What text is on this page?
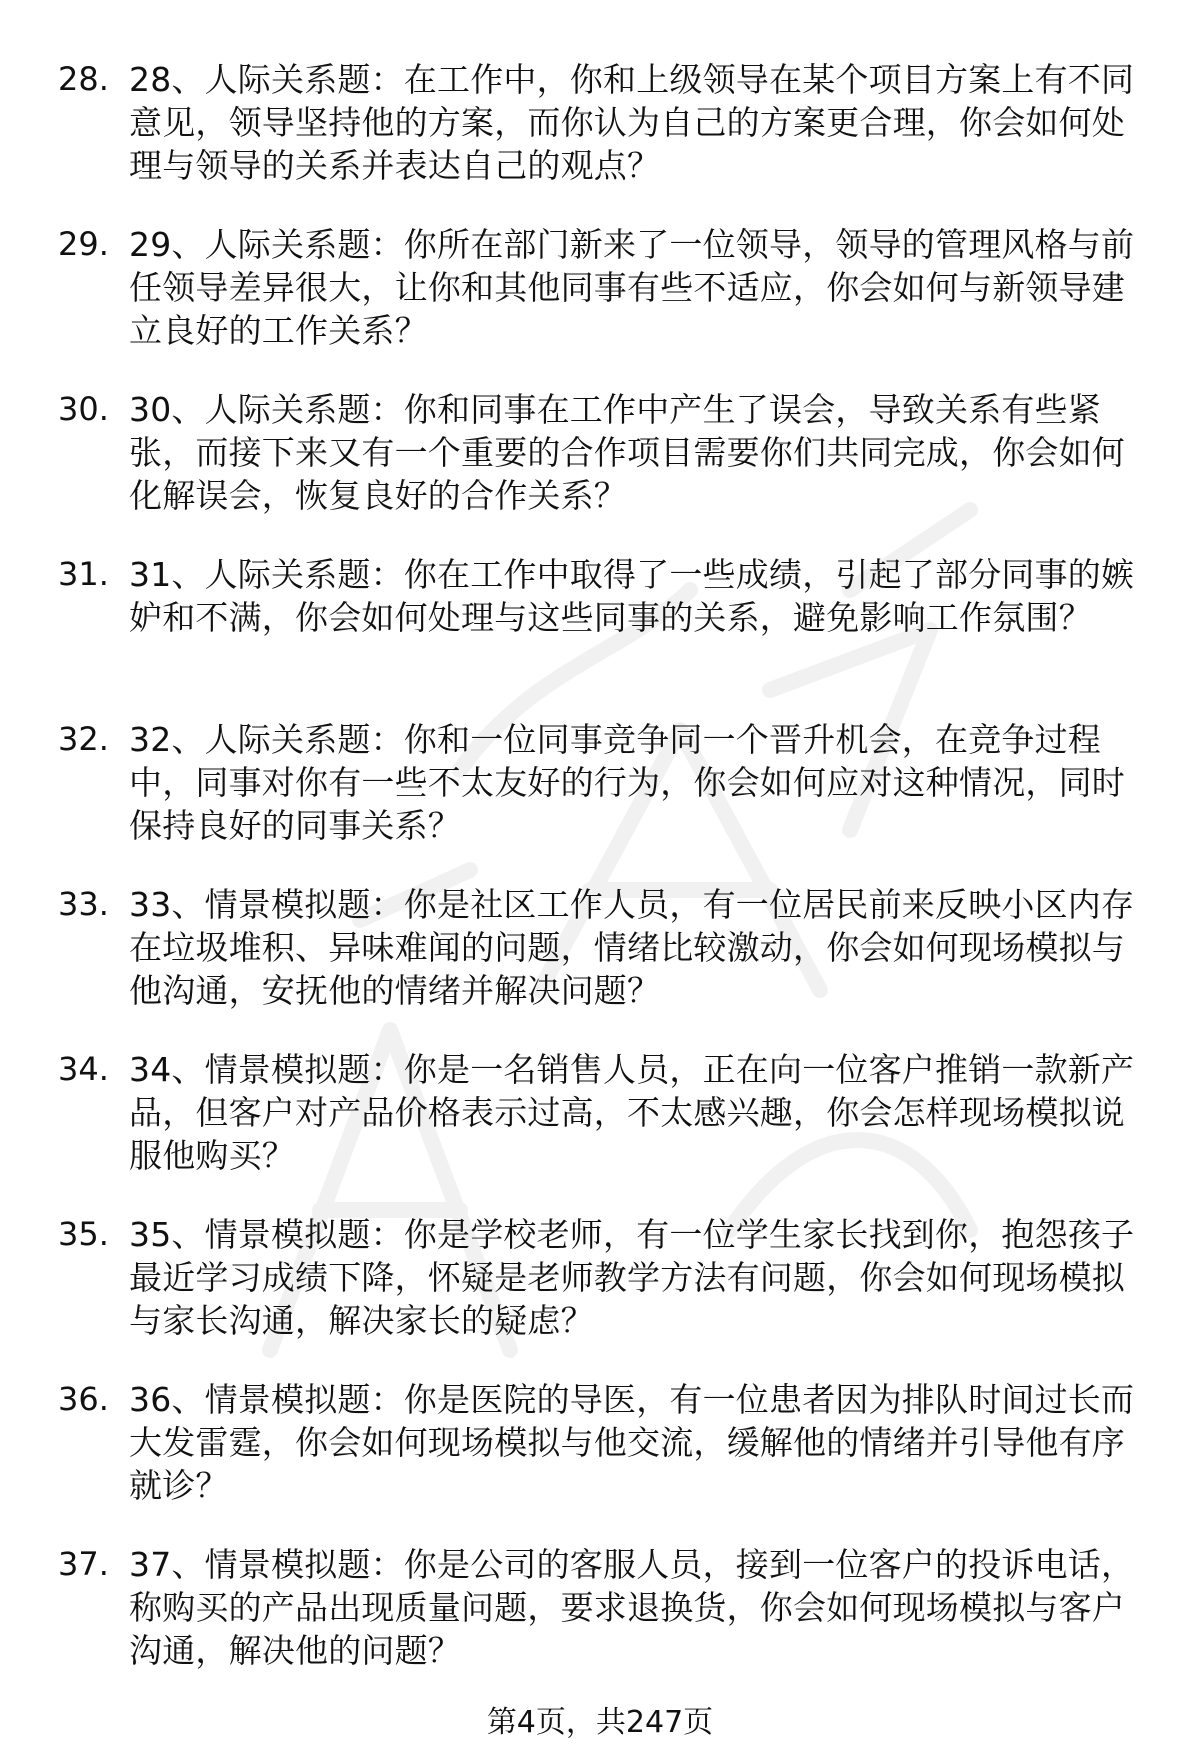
28. 28、人际关系题：在工作中，你和上级领导在某个项目方案上有不同意见，领导坚持他的方案，而你认为自己的方案更合理，你会如何处理与领导的关系并表达自己的观点？
29. 29、人际关系题：你所在部门新来了一位领导，领导的管理风格与前任领导差异很大，让你和其他同事有些不适应，你会如何与新领导建立良好的工作关系？
30. 30、人际关系题：你和同事在工作中产生了误会，导致关系有些紧张，而接下来又有一个重要的合作项目需要你们共同完成，你会如何化解误会，恢复良好的合作关系？
31. 31、人际关系题：你在工作中取得了一些成绩，引起了部分同事的嫉妒和不满，你会如何处理与这些同事的关系，避免影响工作氛围？
32. 32、人际关系题：你和一位同事竞争同一个晋升机会，在竞争过程中，同事对你有一些不太友好的行为，你会如何应对这种情况，同时保持良好的同事关系？
33. 33、情景模拟题：你是社区工作人员，有一位居民前来反映小区内存在垃圾堆积、异味难闻的问题，情绪比较激动，你会如何现场模拟与他沟通，安抚他的情绪并解决问题？
34. 34、情景模拟题：你是一名销售人员，正在向一位客户推销一款新产品，但客户对产品价格表示过高，不太感兴趣，你会怎样现场模拟说服他购买？
35. 35、情景模拟题：你是学校老师，有一位学生家长找到你，抱怨孩子最近学习成绩下降，怀疑是老师教学方法有问题，你会如何现场模拟与家长沟通，解决家长的疑虑？
36. 36、情景模拟题：你是医院的导医，有一位患者因为排队时间过长而大发雷霆，你会如何现场模拟与他交流，缓解他的情绪并引导他有序就诊？
37. 37、情景模拟题：你是公司的客服人员，接到一位客户的投诉电话，称购买的产品出现质量问题，要求退换货，你会如何现场模拟与客户沟通，解决他的问题？
第4页，共247页
